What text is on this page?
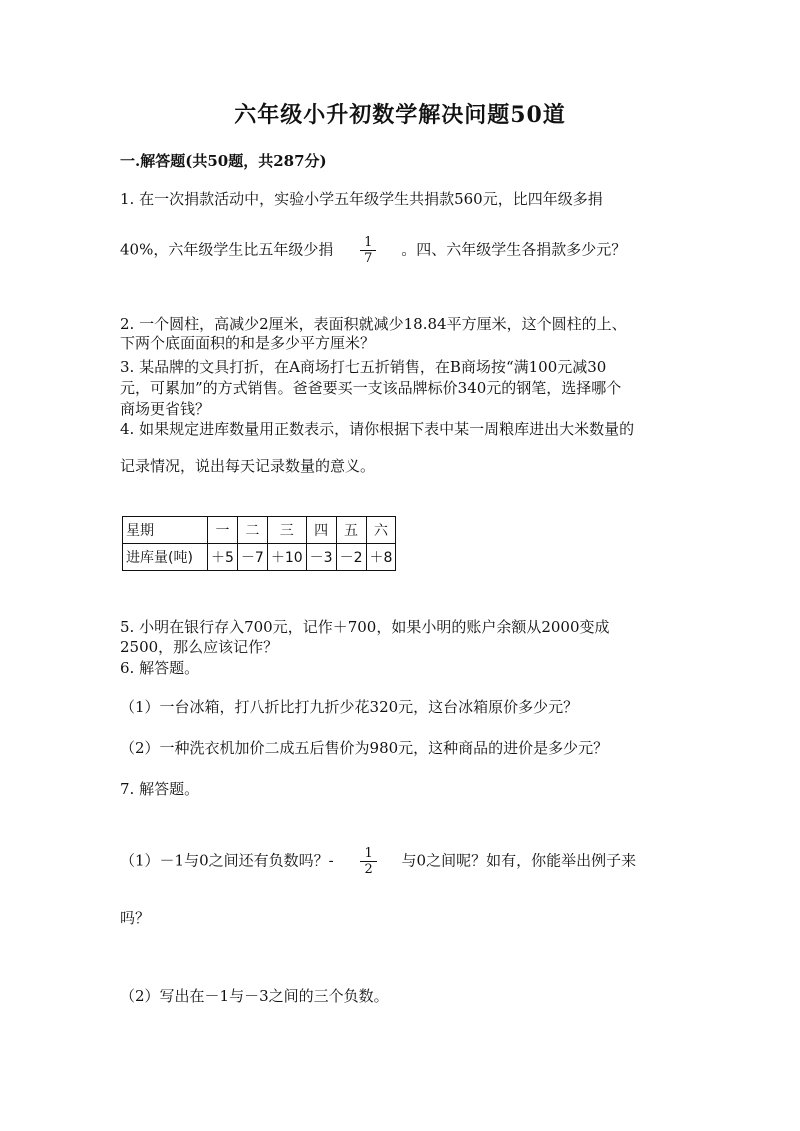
六年级小升初数学解决问题50道
一.解答题(共50题，共287分)
1. 在一次捐款活动中，实验小学五年级学生共捐款560元，比四年级多捐
40%，六年级学生比五年级少捐 $\frac{1}{7}$ 。四、六年级学生各捐款多少元？
2. 一个圆柱，高减少2厘米，表面积就减少18.84平方厘米，这个圆柱的上、
下两个底面面积的和是多少平方厘米？
3. 某品牌的文具打折，在A商场打七五折销售，在B商场按“满100元减30
元，可累加”的方式销售。爸爸要买一支该品牌标价340元的钢笔，选择哪个
商场更省钱？
4. 如果规定进库数量用正数表示，请你根据下表中某一周粮库进出大米数量的
记录情况，说出每天记录数量的意义。
星期	一	二	三	四	五	六
进库量(吨)	＋5	－7	＋10	－3	－2	＋8
5. 小明在银行存入700元，记作＋700，如果小明的账户余额从2000变成
2500，那么应该记作？
6. 解答题。
（1）一台冰箱，打八折比打九折少花320元，这台冰箱原价多少元？
（2）一种洗衣机加价二成五后售价为980元，这种商品的进价是多少元？
7. 解答题。
（1）－1与0之间还有负数吗？- $\frac{1}{2}$ 与0之间呢？如有，你能举出例子来
吗？
（2）写出在－1与－3之间的三个负数。
